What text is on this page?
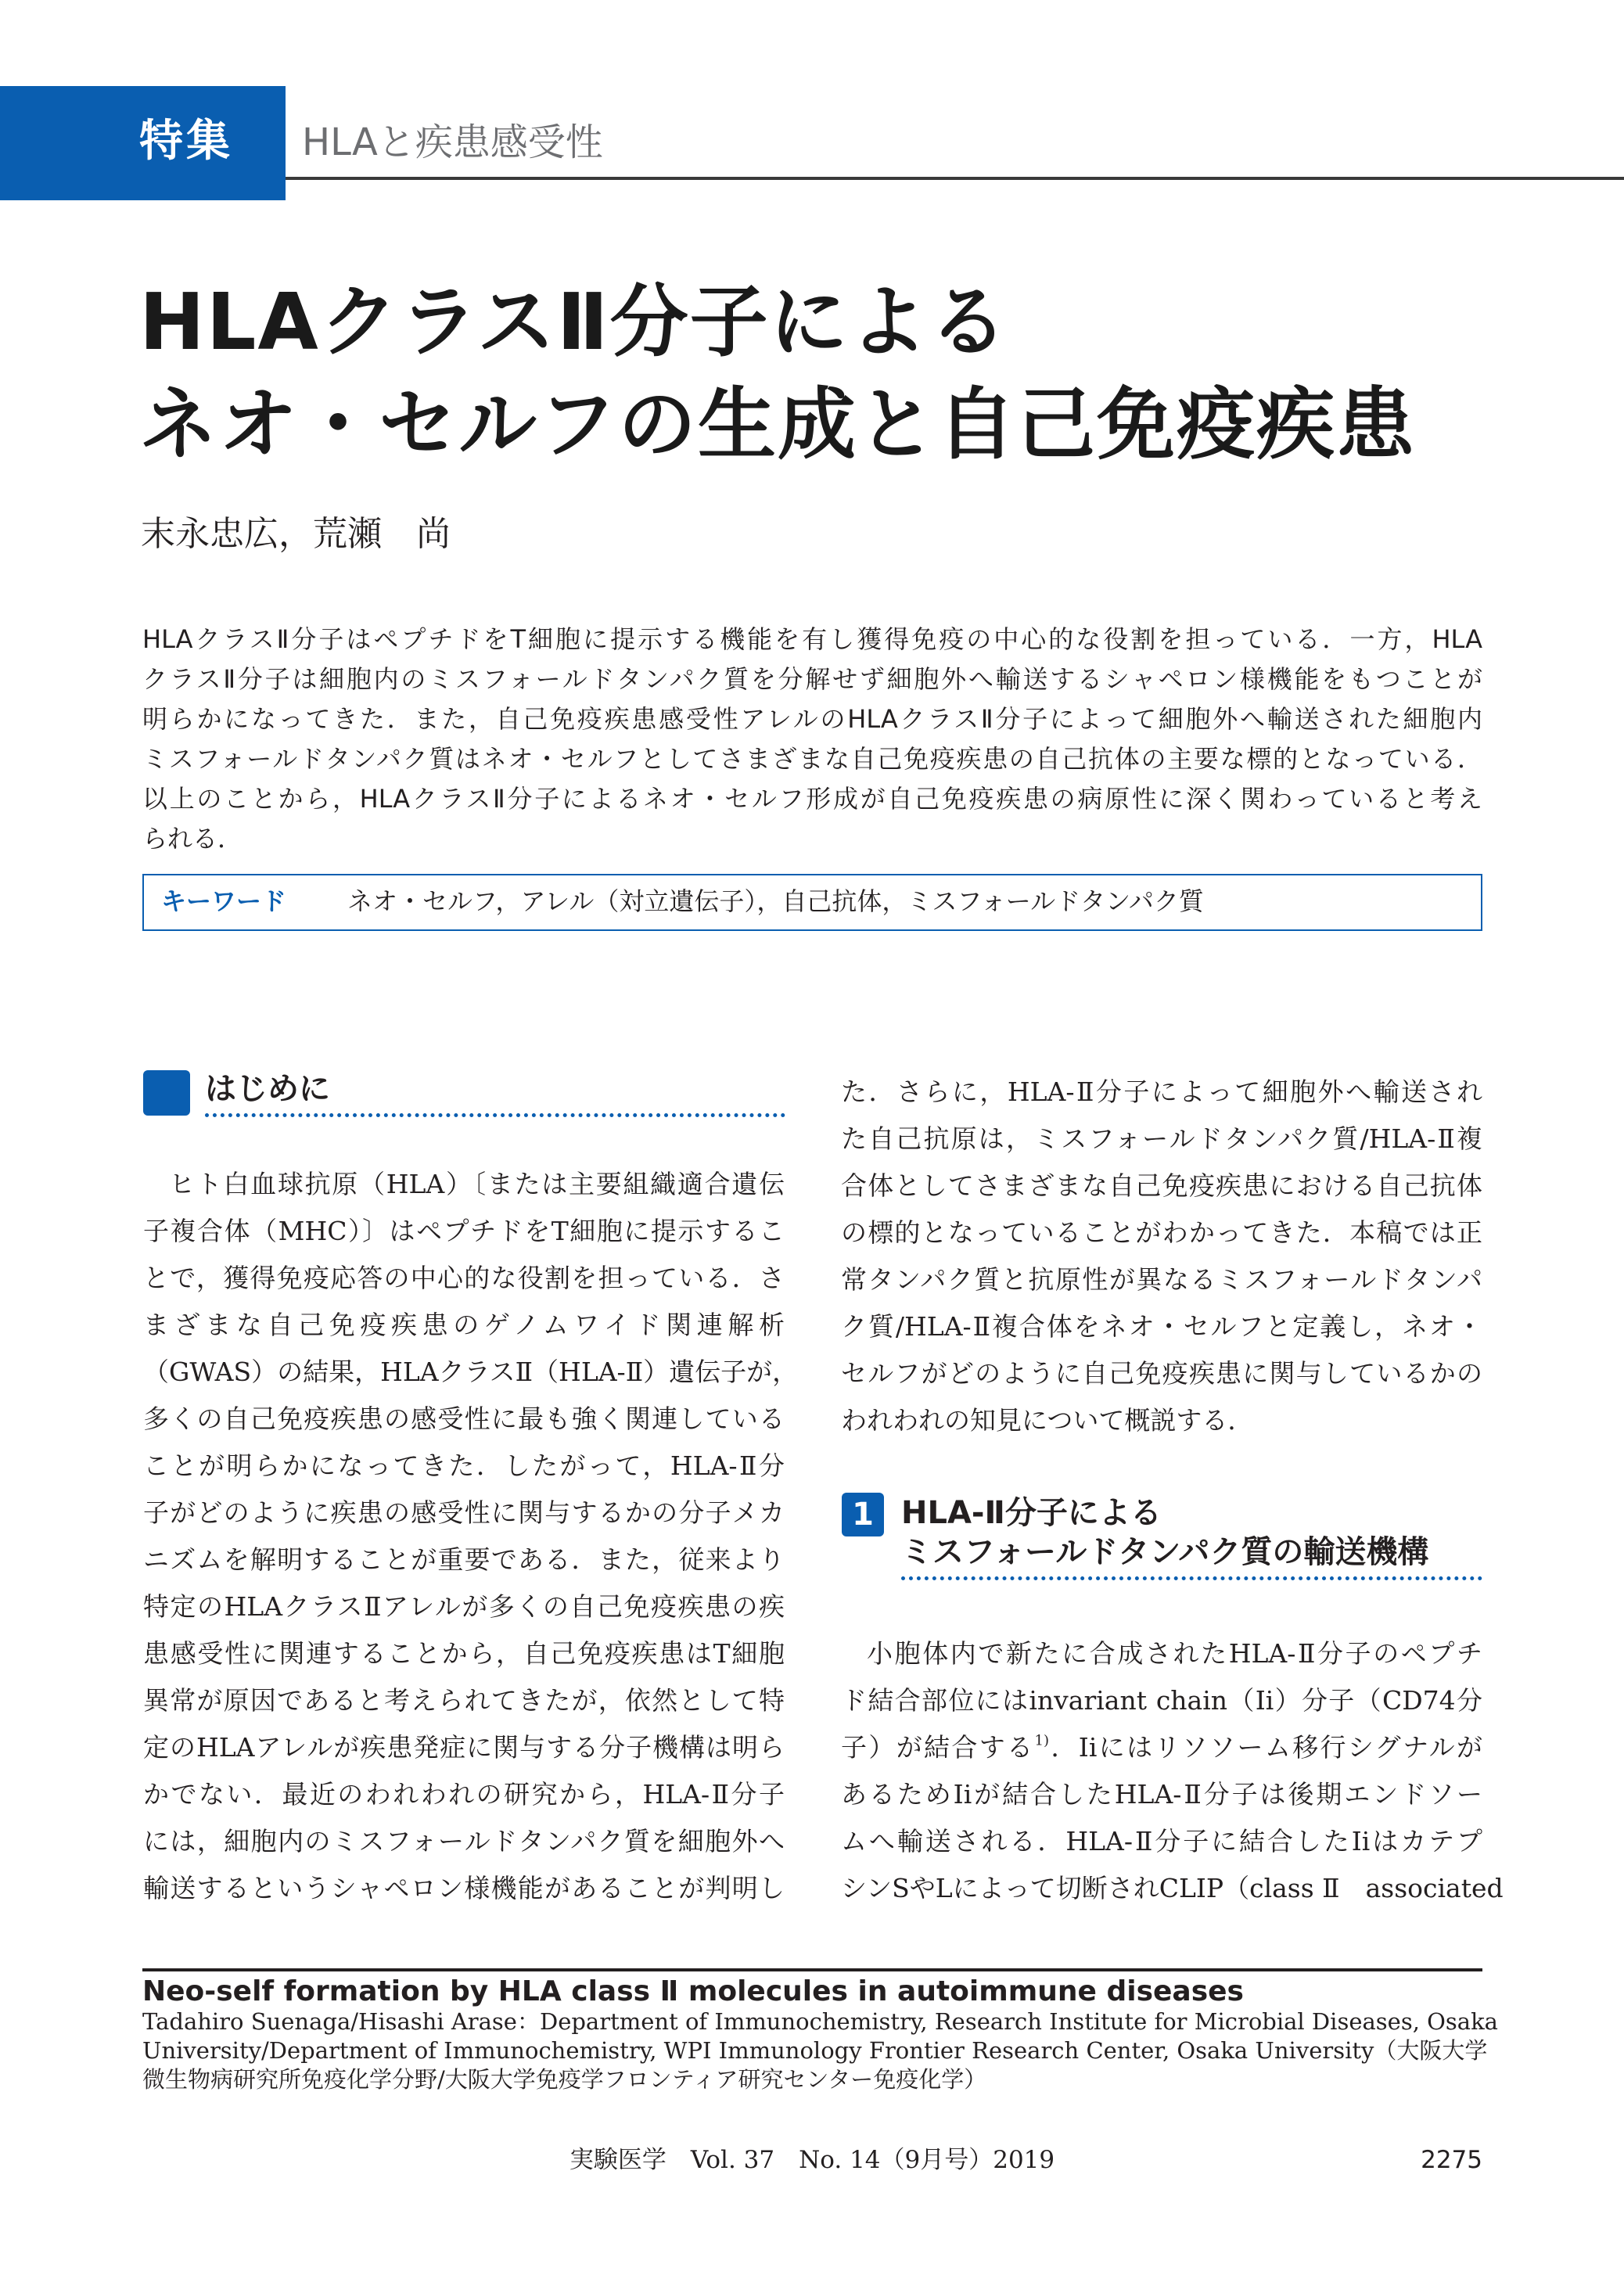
特集 HLAと疾患感受性
HLAクラスⅡ分子による
ネオ・セルフの生成と自己免疫疾患
末永忠広，荒瀬　尚
HLAクラスⅡ分子はペプチドをT細胞に提示する機能を有し獲得免疫の中心的な役割を担っている．一方，HLA
クラスⅡ分子は細胞内のミスフォールドタンパク質を分解せず細胞外へ輸送するシャペロン様機能をもつことが
明らかになってきた．また，自己免疫疾患感受性アレルのHLAクラスⅡ分子によって細胞外へ輸送された細胞内
ミスフォールドタンパク質はネオ・セルフとしてさまざまな自己免疫疾患の自己抗体の主要な標的となっている．
以上のことから，HLAクラスⅡ分子によるネオ・セルフ形成が自己免疫疾患の病原性に深く関わっていると考え
られる．
キーワード ネオ・セルフ，アレル（対立遺伝子），自己抗体，ミスフォールドタンパク質
はじめに
ヒト白血球抗原（HLA）〔または主要組織適合遺伝
子複合体（MHC）〕はペプチドをT細胞に提示するこ
とで，獲得免疫応答の中心的な役割を担っている．さ
まざまな自己免疫疾患のゲノムワイド関連解析
（GWAS）の結果，HLAクラスⅡ（HLA-Ⅱ）遺伝子が，
多くの自己免疫疾患の感受性に最も強く関連している
ことが明らかになってきた．したがって，HLA-Ⅱ分
子がどのように疾患の感受性に関与するかの分子メカ
ニズムを解明することが重要である．また，従来より
特定のHLAクラスⅡアレルが多くの自己免疫疾患の疾
患感受性に関連することから，自己免疫疾患はT細胞
異常が原因であると考えられてきたが，依然として特
定のHLAアレルが疾患発症に関与する分子機構は明ら
かでない．最近のわれわれの研究から，HLA-Ⅱ分子
には，細胞内のミスフォールドタンパク質を細胞外へ
輸送するというシャペロン様機能があることが判明し
た．さらに，HLA-Ⅱ分子によって細胞外へ輸送され
た自己抗原は，ミスフォールドタンパク質/HLA-Ⅱ複
合体としてさまざまな自己免疫疾患における自己抗体
の標的となっていることがわかってきた．本稿では正
常タンパク質と抗原性が異なるミスフォールドタンパ
ク質/HLA-Ⅱ複合体をネオ・セルフと定義し，ネオ・
セルフがどのように自己免疫疾患に関与しているかの
われわれの知見について概説する．
1 HLA-Ⅱ分子による
ミスフォールドタンパク質の輸送機構
小胞体内で新たに合成されたHLA-Ⅱ分子のペプチ
ド結合部位にはinvariant chain（Ii）分子（CD74分
子）が結合する$^{1)}$．Iiにはリソソーム移行シグナルが
あるためIiが結合したHLA-Ⅱ分子は後期エンドソー
ムへ輸送される．HLA-Ⅱ分子に結合したIiはカテプ
シンSやLによって切断されCLIP（class Ⅱ　associated
Neo-self formation by HLA class Ⅱ molecules in autoimmune diseases
Tadahiro Suenaga/Hisashi Arase：Department of Immunochemistry, Research Institute for Microbial Diseases, Osaka
University/Department of Immunochemistry, WPI Immunology Frontier Research Center, Osaka University（大阪大学
微生物病研究所免疫化学分野/大阪大学免疫学フロンティア研究センター免疫化学）
実験医学　Vol. 37　No. 14（9月号）2019	2275
